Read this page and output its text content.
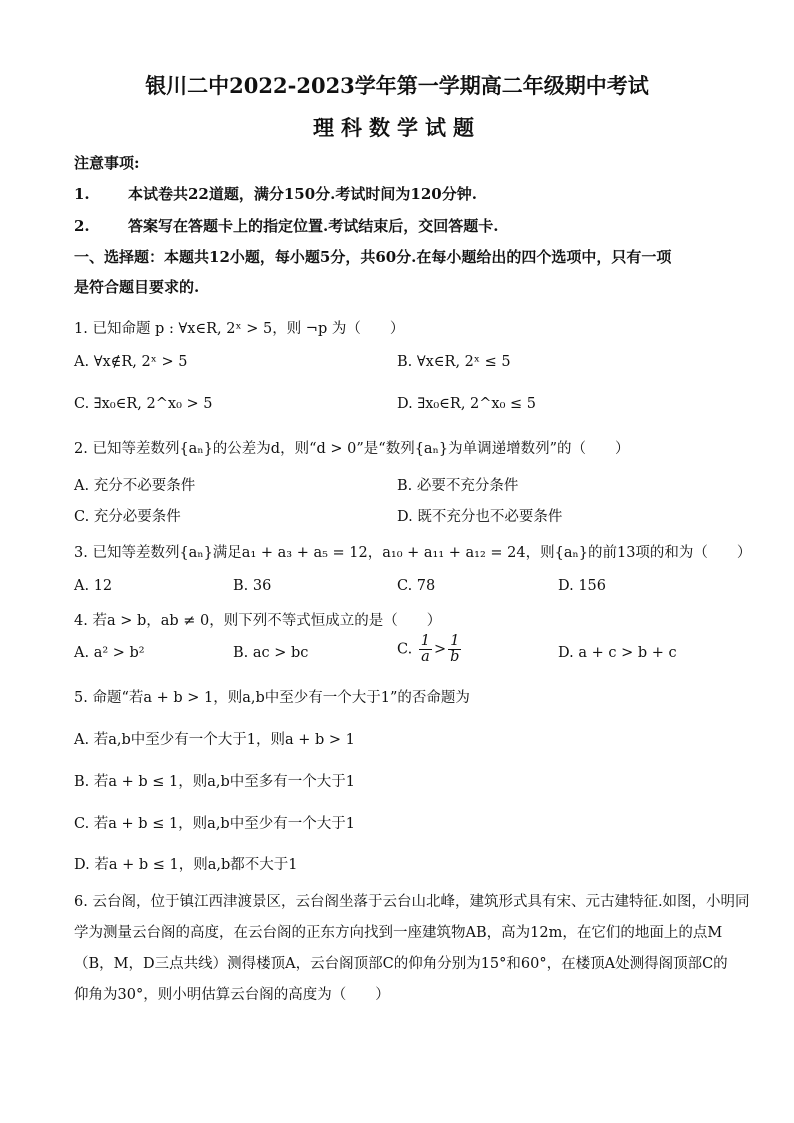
银川二中2022-2023学年第一学期高二年级期中考试
理科数学试题
注意事项:
1.	本试卷共22道题，满分150分.考试时间为120分钟.
2.	答案写在答题卡上的指定位置.考试结束后，交回答题卡.
一、选择题：本题共12小题，每小题5分，共60分.在每小题给出的四个选项中，只有一项
是符合题目要求的.
1. 已知命题 p : ∀x∈R, 2ˣ > 5，则 ¬p 为（　　）
A. ∀x∉R, 2ˣ > 5	B. ∀x∈R, 2ˣ ≤ 5
C. ∃x₀∈R, 2^x₀ > 5	D. ∃x₀∈R, 2^x₀ ≤ 5
2. 已知等差数列{aₙ}的公差为d，则“d > 0”是“数列{aₙ}为单调递增数列”的（　　）
A. 充分不必要条件	B. 必要不充分条件
C. 充分必要条件	D. 既不充分也不必要条件
3. 已知等差数列{aₙ}满足a₁ + a₃ + a₅ = 12，a₁₀ + a₁₁ + a₁₂ = 24，则{aₙ}的前13项的和为（　　）
A. 12	B. 36	C. 78	D. 156
4. 若a > b，ab ≠ 0，则下列不等式恒成立的是（　　）
A. a² > b²	B. ac > bc	C. $\frac{1}{a} > \frac{1}{b}$	D. a + c > b + c
5. 命题“若a + b > 1，则a,b中至少有一个大于1”的否命题为
A. 若a,b中至少有一个大于1，则a + b > 1
B. 若a + b ≤ 1，则a,b中至多有一个大于1
C. 若a + b ≤ 1，则a,b中至少有一个大于1
D. 若a + b ≤ 1，则a,b都不大于1
6. 云台阁，位于镇江西津渡景区，云台阁坐落于云台山北峰，建筑形式具有宋、元古建特征.如图，小明同
学为测量云台阁的高度，在云台阁的正东方向找到一座建筑物AB，高为12m，在它们的地面上的点M
（B，M，D三点共线）测得楼顶A，云台阁顶部C的仰角分别为15°和60°，在楼顶A处测得阁顶部C的
仰角为30°，则小明估算云台阁的高度为（　　）
